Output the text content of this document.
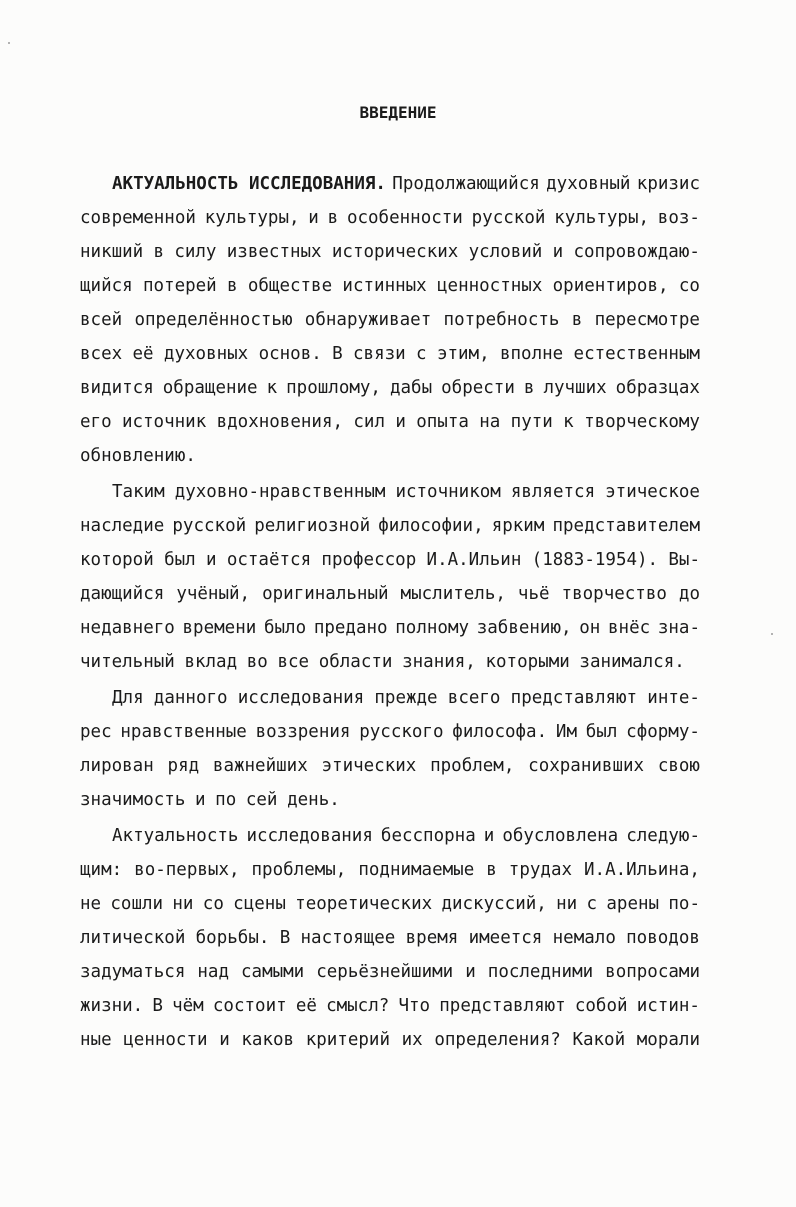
ВВЕДЕНИЕ
АКТУАЛЬНОСТЬ ИССЛЕДОВАНИЯ. Продолжающийся духовный кризис
современной культуры, и в особенности русской культуры, воз-
никший в силу известных исторических условий и сопровождаю-
щийся потерей в обществе истинных ценностных ориентиров, со
всей определённостью обнаруживает потребность в пересмотре
всех её духовных основ. В связи с этим, вполне естественным
видится обращение к прошлому, дабы обрести в лучших образцах
его источник вдохновения, сил и опыта на пути к творческому
обновлению.
Таким духовно-нравственным источником является этическое
наследие русской религиозной философии, ярким представителем
которой был и остаётся профессор И.А.Ильин (1883-1954). Вы-
дающийся учёный, оригинальный мыслитель, чьё творчество до
недавнего времени было предано полному забвению, он внёс зна-
чительный вклад во все области знания, которыми занимался.
Для данного исследования прежде всего представляют инте-
рес нравственные воззрения русского философа. Им был сформу-
лирован ряд важнейших этических проблем, сохранивших свою
значимость и по сей день.
Актуальность исследования бесспорна и обусловлена следую-
щим: во-первых, проблемы, поднимаемые в трудах И.А.Ильина,
не сошли ни со сцены теоретических дискуссий, ни с арены по-
литической борьбы. В настоящее время имеется немало поводов
задуматься над самыми серьёзнейшими и последними вопросами
жизни. В чём состоит её смысл? Что представляют собой истин-
ные ценности и каков критерий их определения? Какой морали
